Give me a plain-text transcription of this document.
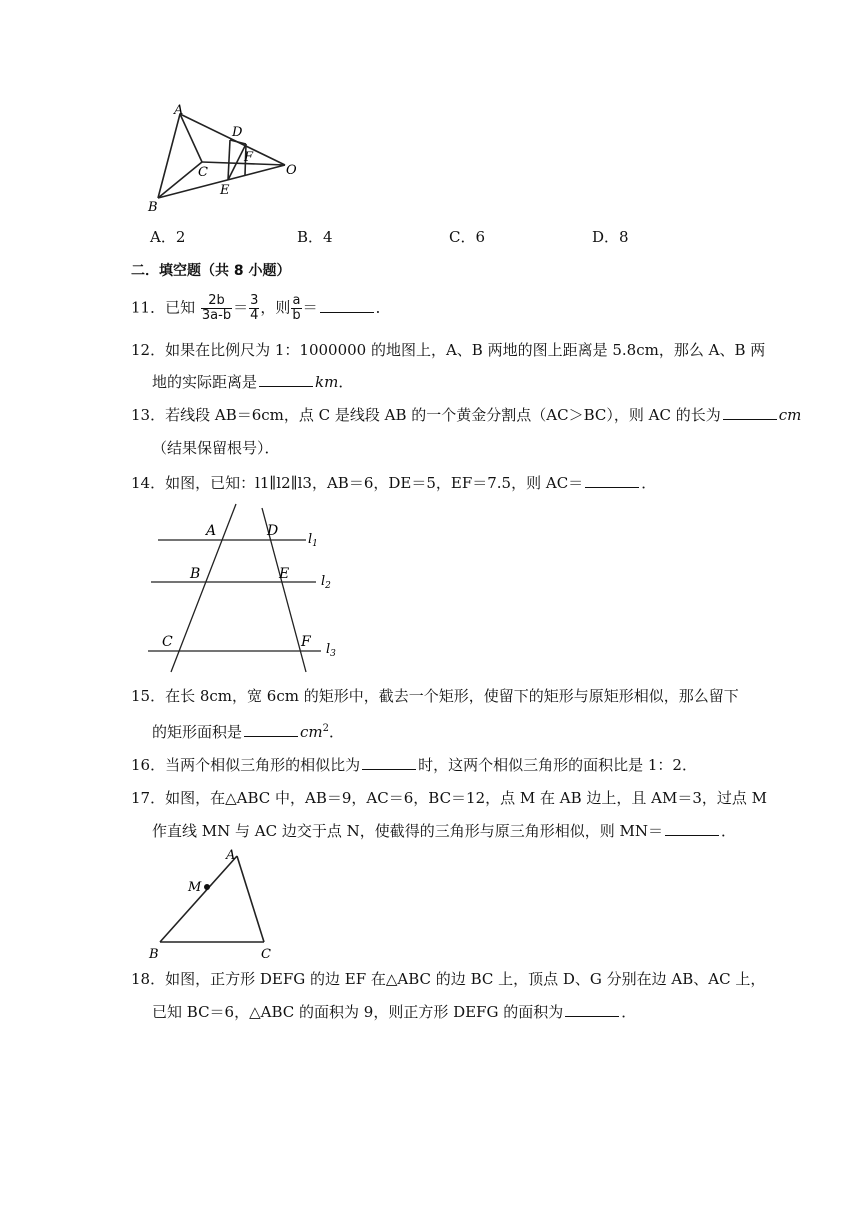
A
B
C
D
E
F
O
A．2	B．4	C．6	D．8
二．填空题（共 8 小题）
11．已知 $\frac{2b}{3a-b} = \frac{3}{4}$ ，则 $\frac{a}{b}$ ＝	．
12．如果在比例尺为 1：1000000 的地图上，A、B 两地的图上距离是 5.8cm，那么 A、B 两
地的实际距离是	km．
13．若线段 AB＝6cm，点 C 是线段 AB 的一个黄金分割点（AC＞BC），则 AC 的长为	cm
（结果保留根号）．
14．如图，已知：l1∥l2∥l3，AB＝6，DE＝5，EF＝7.5，则 AC＝	．
A	D
B	E
C	F
$l_1$
$l_2$
$l_3$
15．在长 8cm，宽 6cm 的矩形中，截去一个矩形，使留下的矩形与原矩形相似，那么留下
的矩形面积是	$cm^2$．
16．当两个相似三角形的相似比为	时，这两个相似三角形的面积比是 1：2．
17．如图，在△ABC 中，AB＝9，AC＝6，BC＝12，点 M 在 AB 边上，且 AM＝3，过点 M
作直线 MN 与 AC 边交于点 N，使截得的三角形与原三角形相似，则 MN＝	．
A
M
B	C
18．如图，正方形 DEFG 的边 EF 在△ABC 的边 BC 上，顶点 D、G 分别在边 AB、AC 上，
已知 BC＝6，△ABC 的面积为 9，则正方形 DEFG 的面积为	．
